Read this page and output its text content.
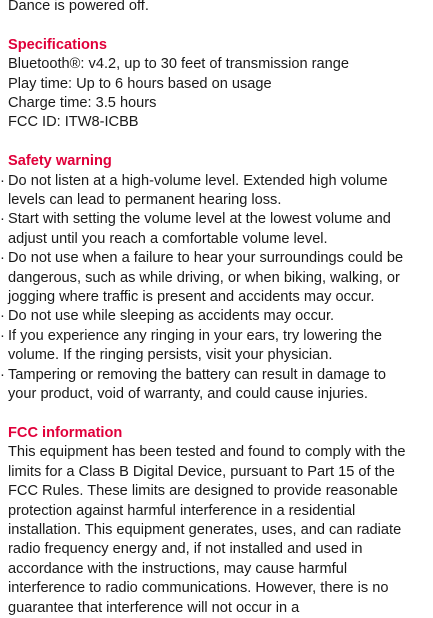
Dance is powered off.
Specifications
Bluetooth®: v4.2, up to 30 feet of transmission range
Play time: Up to 6 hours based on usage
Charge time: 3.5 hours
FCC ID: ITW8-ICBB
Safety warning
· Do not listen at a high-volume level. Extended high volume
levels can lead to permanent hearing loss.
· Start with setting the volume level at the lowest volume and
adjust until you reach a comfortable volume level.
· Do not use when a failure to hear your surroundings could be
dangerous, such as while driving, or when biking, walking, or
jogging where traffic is present and accidents may occur.
· Do not use while sleeping as accidents may occur.
· If you experience any ringing in your ears, try lowering the
volume. If the ringing persists, visit your physician.
· Tampering or removing the battery can result in damage to
your product, void of warranty, and could cause injuries.
FCC information
This equipment has been tested and found to comply with the
limits for a Class B Digital Device, pursuant to Part 15 of the
FCC Rules. These limits are designed to provide reasonable
protection against harmful interference in a residential
installation. This equipment generates, uses, and can radiate
radio frequency energy and, if not installed and used in
accordance with the instructions, may cause harmful
interference to radio communications. However, there is no
guarantee that interference will not occur in a
